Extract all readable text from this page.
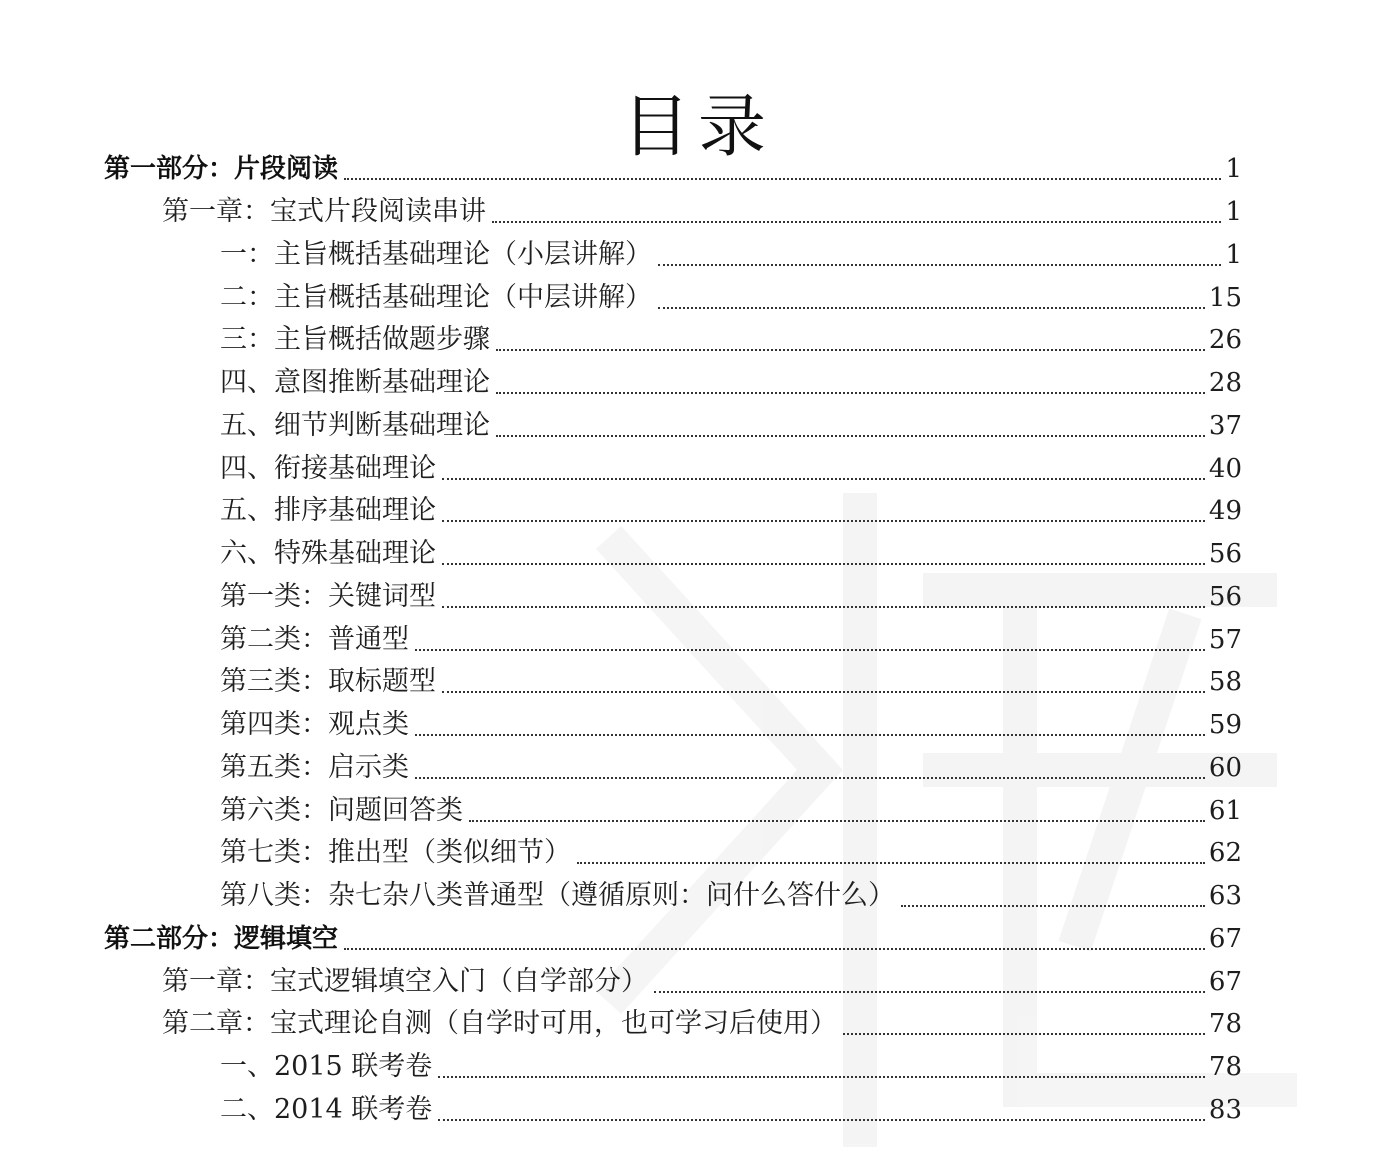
目录
第一部分：片段阅读	1
第一章：宝式片段阅读串讲	1
一：主旨概括基础理论（小层讲解）	1
二：主旨概括基础理论（中层讲解）	15
三：主旨概括做题步骤	26
四、意图推断基础理论	28
五、细节判断基础理论	37
四、衔接基础理论	40
五、排序基础理论	49
六、特殊基础理论	56
第一类：关键词型	56
第二类：普通型	57
第三类：取标题型	58
第四类：观点类	59
第五类：启示类	60
第六类：问题回答类	61
第七类：推出型（类似细节）	62
第八类：杂七杂八类普通型（遵循原则：问什么答什么）	63
第二部分：逻辑填空	67
第一章：宝式逻辑填空入门（自学部分）	67
第二章：宝式理论自测（自学时可用，也可学习后使用）	78
一、2015 联考卷	78
二、2014 联考卷	83
